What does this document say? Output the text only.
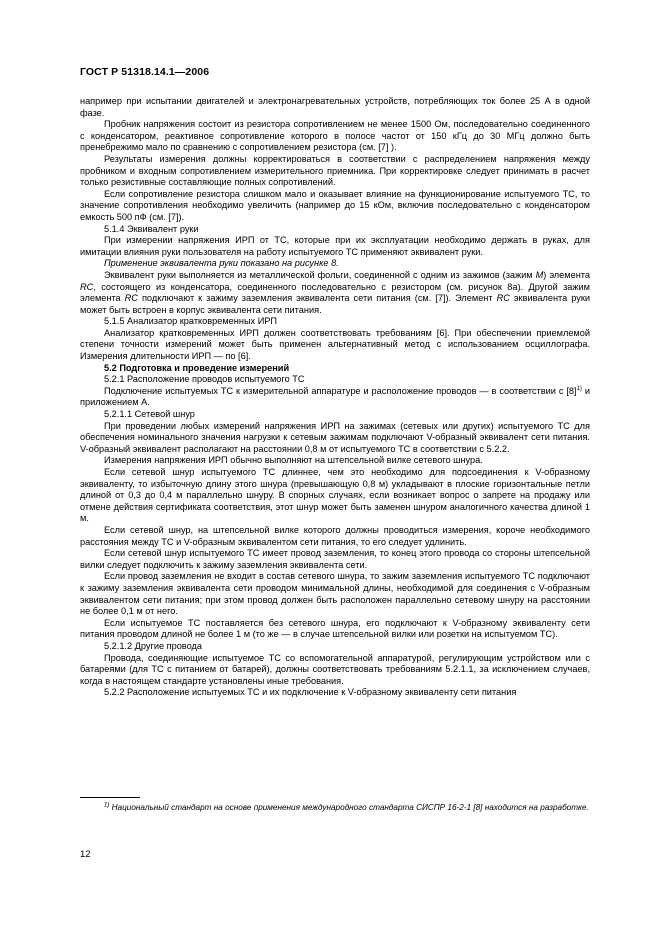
ГОСТ Р 51318.14.1—2006

например при испытании двигателей и электронагревательных устройств, потребляющих ток более 25 А в одной фазе.

Пробник напряжения состоит из резистора сопротивлением не менее 1500 Ом, последовательно соединенного с конденсатором, реактивное сопротивление которого в полосе частот от 150 кГц до 30 МГц должно быть пренебрежимо мало по сравнению с сопротивлением резистора (см. [7] ).

Результаты измерения должны корректироваться в соответствии с распределением напряжения между пробником и входным сопротивлением измерительного приемника. При корректировке следует принимать в расчет только резистивные составляющие полных сопротивлений.

Если сопротивление резистора слишком мало и оказывает влияние на функционирование испытуемого ТС, то значение сопротивления необходимо увеличить (например до 15 кОм, включив последовательно с конденсатором емкость 500 пФ (см. [7]).

5.1.4 Эквивалент руки

При измерении напряжения ИРП от ТС, которые при их эксплуатации необходимо держать в руках, для имитации влияния руки пользователя на работу испытуемого ТС применяют эквивалент руки.

Применение эквивалента руки показано на рисунке 8.

Эквивалент руки выполняется из металлической фольги, соединенной с одним из зажимов (зажим M) элемента RC, состоящего из конденсатора, соединенного последовательно с резистором (см. рисунок 8а). Другой зажим элемента RC подключают к зажиму заземления эквивалента сети питания (см. [7]). Элемент RC эквивалента руки может быть встроен в корпус эквивалента сети питания.

5.1.5 Анализатор кратковременных ИРП

Анализатор кратковременных ИРП должен соответствовать требованиям [6]. При обеспечении приемлемой степени точности измерений может быть применен альтернативный метод с использованием осциллографа. Измерения длительности ИРП — по [6].

5.2 Подготовка и проведение измерений

5.2.1 Расположение проводов испытуемого ТС

Подключение испытуемых ТС к измерительной аппаратуре и расположение проводов — в соответствии с $[8]^{1)}$ и приложением А.

5.2.1.1 Сетевой шнур

При проведении любых измерений напряжения ИРП на зажимах (сетевых или других) испытуемого ТС для обеспечения номинального значения нагрузки к сетевым зажимам подключают V-образный эквивалент сети питания. V-образный эквивалент располагают на расстоянии 0,8 м от испытуемого ТС в соответствии с 5.2.2.

Измерения напряжения ИРП обычно выполняют на штепсельной вилке сетевого шнура.

Если сетевой шнур испытуемого ТС длиннее, чем это необходимо для подсоединения к V-образному эквиваленту, то избыточную длину этого шнура (превышающую 0,8 м) укладывают в плоские горизонтальные петли длиной от 0,3 до 0,4 м параллельно шнуру. В спорных случаях, если возникает вопрос о запрете на продажу или отмене действия сертификата соответствия, этот шнур может быть заменен шнуром аналогичного качества длиной 1 м.

Если сетевой шнур, на штепсельной вилке которого должны проводиться измерения, короче необходимого расстояния между ТС и V-образным эквивалентом сети питания, то его следует удлинить.

Если сетевой шнур испытуемого ТС имеет провод заземления, то конец этого провода со стороны штепсельной вилки следует подключить к зажиму заземления эквивалента сети.

Если провод заземления не входит в состав сетевого шнура, то зажим заземления испытуемого ТС подключают к зажиму заземления эквивалента сети проводом минимальной длины, необходимой для соединения с V-образным эквивалентом сети питания; при этом провод должен быть расположен параллельно сетевому шнуру на расстоянии не более 0,1 м от него.

Если испытуемое ТС поставляется без сетевого шнура, его подключают к V-образному эквиваленту сети питания проводом длиной не более 1 м (то же — в случае штепсельной вилки или розетки на испытуемом ТС).

5.2.1.2 Другие провода

Провода, соединяющие испытуемое ТС со вспомогательной аппаратурой, регулирующим устройством или с батареями (для ТС с питанием от батарей), должны соответствовать требованиям 5.2.1.1, за исключением случаев, когда в настоящем стандарте установлены иные требования.

5.2.2 Расположение испытуемых ТС и их подключение к V-образному эквиваленту сети питания

$^{1)}$ Национальный стандарт на основе применения международного стандарта СИСПР 16-2-1 [8] находится на разработке.
12
